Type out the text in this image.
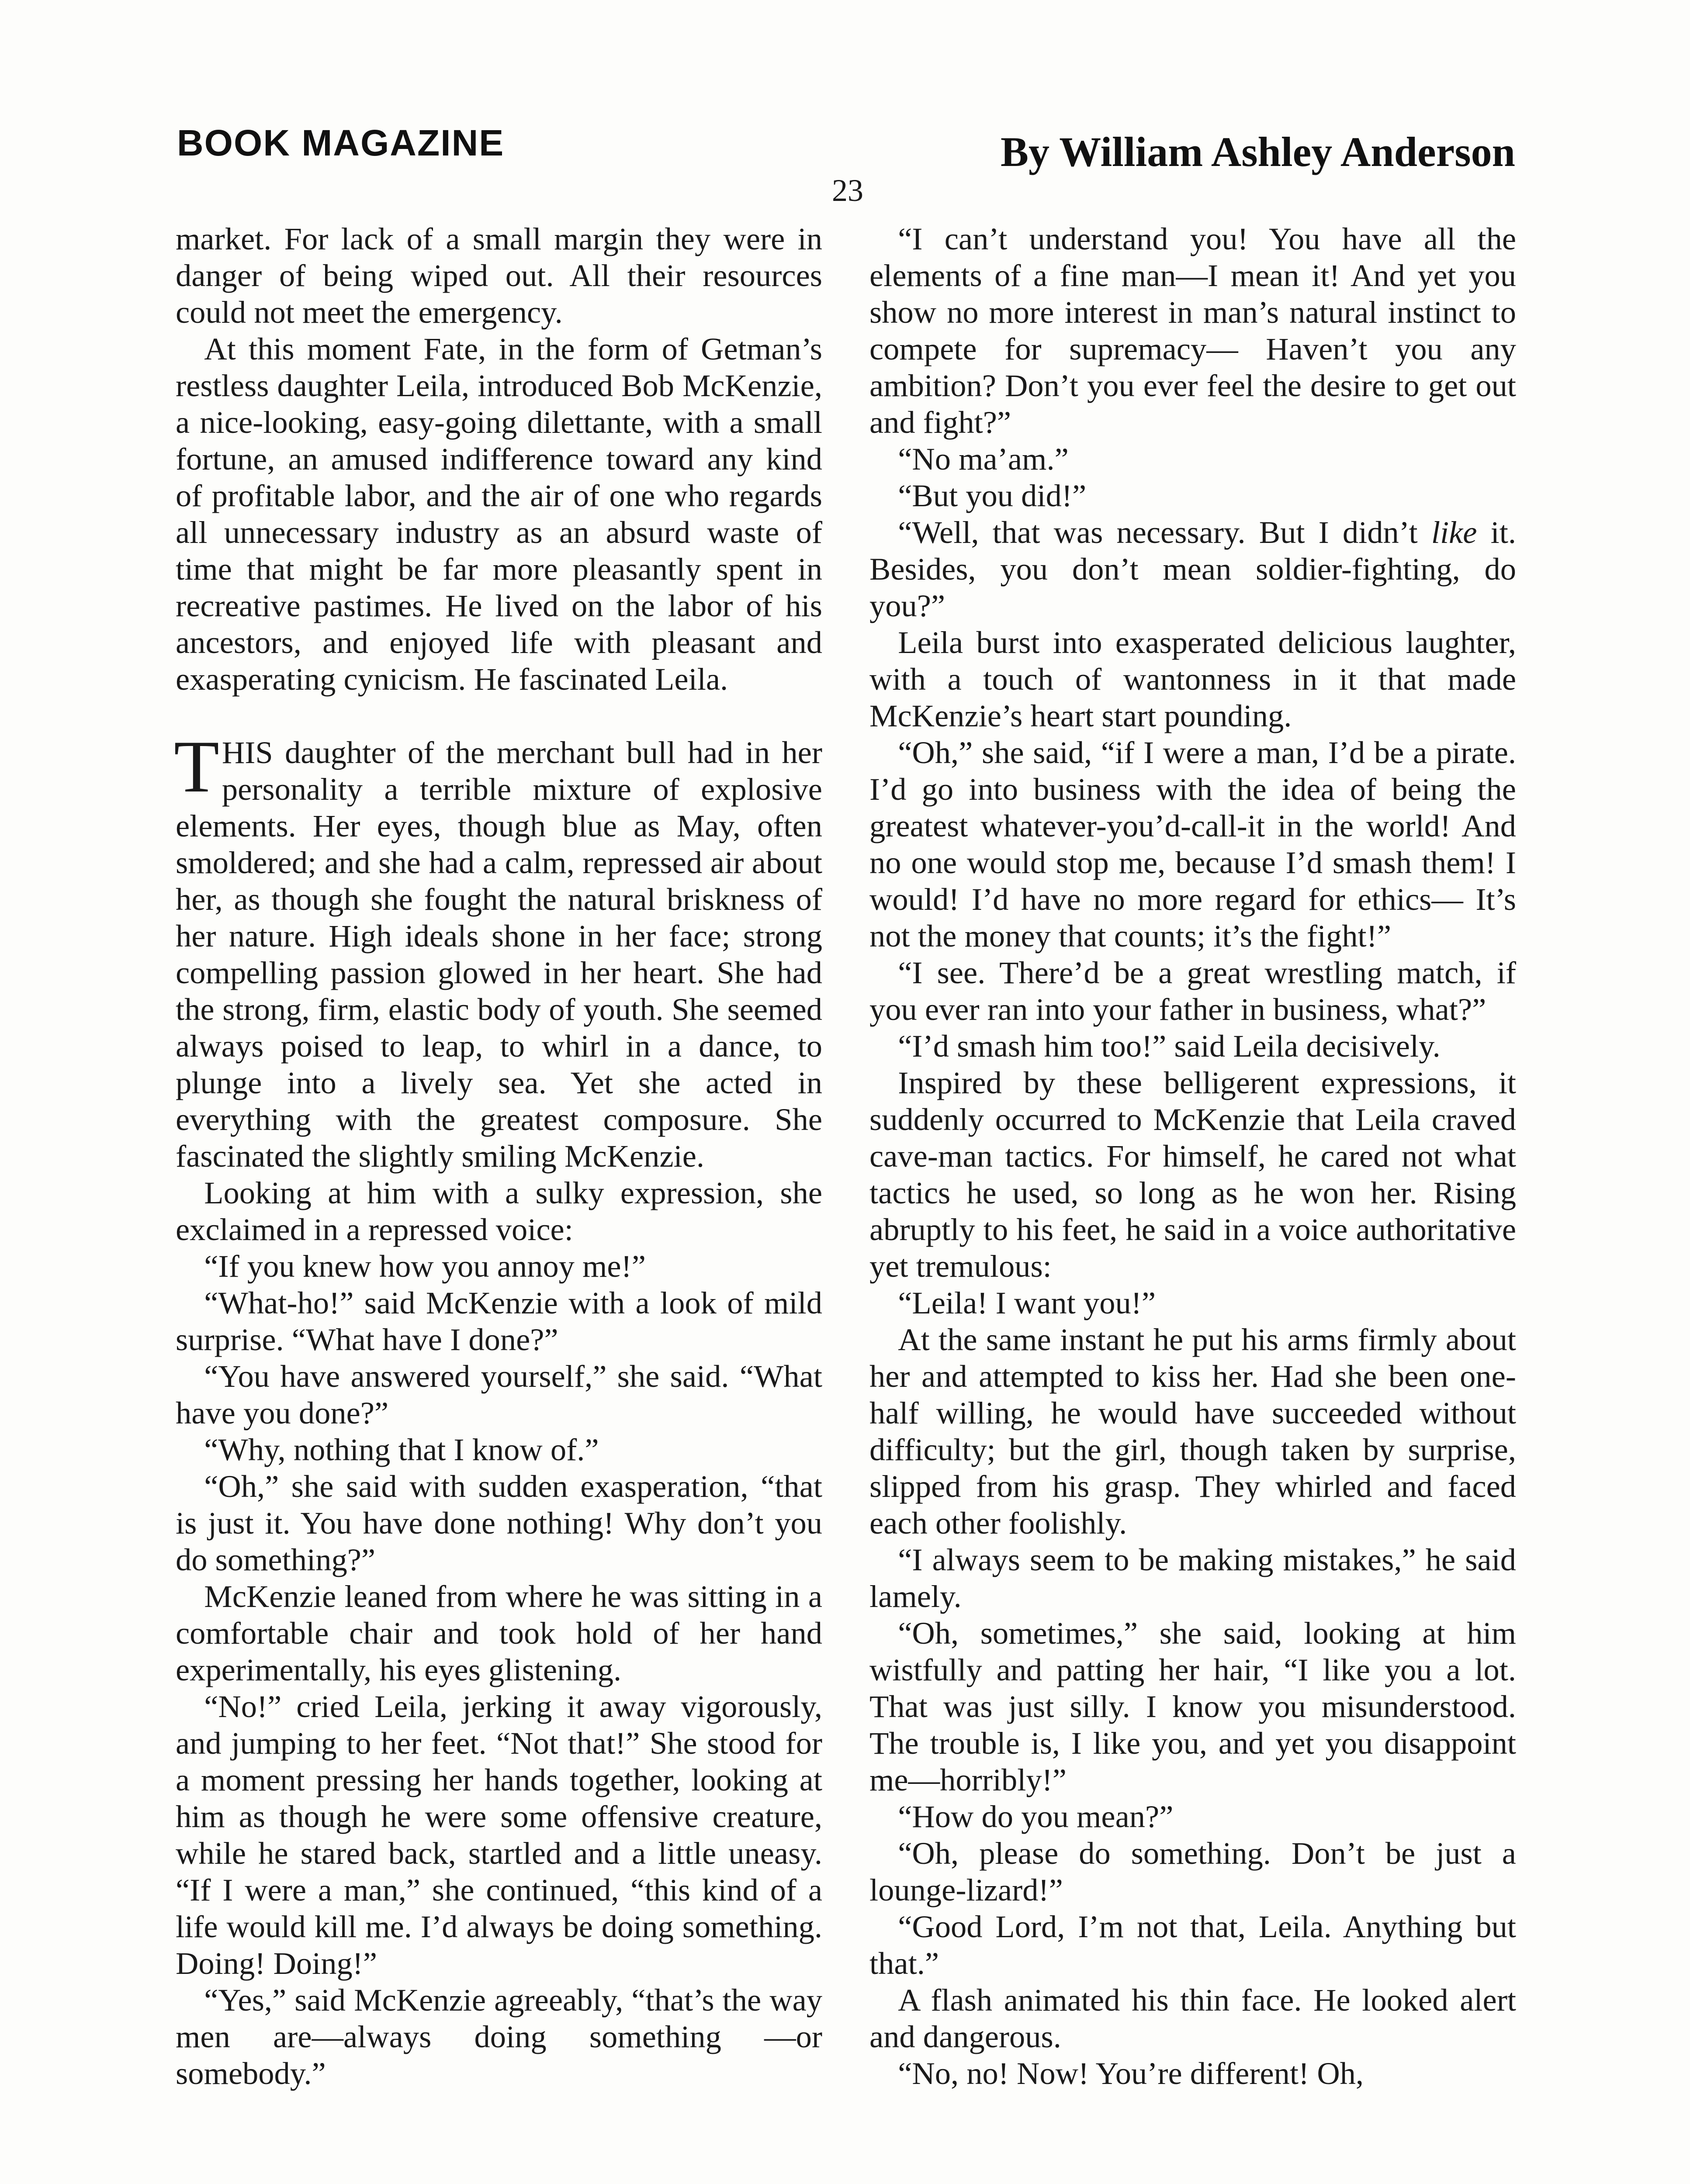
BOOK MAGAZINE	By William Ashley Anderson
23

market. For lack of a small margin they were in danger of being wiped out. All their resources could not meet the emergency.

At this moment Fate, in the form of Getman’s restless daughter Leila, introduced Bob McKenzie, a nice-looking, easy-going dilettante, with a small fortune, an amused indifference toward any kind of profitable labor, and the air of one who regards all unnecessary industry as an absurd waste of time that might be far more pleasantly spent in recreative pastimes. He lived on the labor of his ancestors, and enjoyed life with pleasant and exasperating cynicism. He fascinated Leila.

THIS daughter of the merchant bull had in her personality a terrible mixture of explosive elements. Her eyes, though blue as May, often smoldered; and she had a calm, repressed air about her, as though she fought the natural briskness of her nature. High ideals shone in her face; strong compelling passion glowed in her heart. She had the strong, firm, elastic body of youth. She seemed always poised to leap, to whirl in a dance, to plunge into a lively sea. Yet she acted in everything with the greatest composure. She fascinated the slightly smiling McKenzie.

Looking at him with a sulky expression, she exclaimed in a repressed voice:

“If you knew how you annoy me!”

“What-ho!” said McKenzie with a look of mild surprise. “What have I done?”

“You have answered yourself,” she said. “What have you done?”

“Why, nothing that I know of.”

“Oh,” she said with sudden exasperation, “that is just it. You have done nothing! Why don’t you do something?”

McKenzie leaned from where he was sitting in a comfortable chair and took hold of her hand experimentally, his eyes glistening.

“No!” cried Leila, jerking it away vigorously, and jumping to her feet. “Not that!” She stood for a moment pressing her hands together, looking at him as though he were some offensive creature, while he stared back, startled and a little uneasy. “If I were a man,” she continued, “this kind of a life would kill me. I’d always be doing something. Doing! Doing!”

“Yes,” said McKenzie agreeably, “that’s the way men are—always doing something —or somebody.”

“I can’t understand you! You have all the elements of a fine man—I mean it! And yet you show no more interest in man’s natural instinct to compete for supremacy— Haven’t you any ambition? Don’t you ever feel the desire to get out and fight?”

“No ma’am.”

“But you did!”

“Well, that was necessary. But I didn’t like it. Besides, you don’t mean soldier-fighting, do you?”

Leila burst into exasperated delicious laughter, with a touch of wantonness in it that made McKenzie’s heart start pounding.

“Oh,” she said, “if I were a man, I’d be a pirate. I’d go into business with the idea of being the greatest whatever-you’d-call-it in the world! And no one would stop me, because I’d smash them! I would! I’d have no more regard for ethics— It’s not the money that counts; it’s the fight!”

“I see. There’d be a great wrestling match, if you ever ran into your father in business, what?”

“I’d smash him too!” said Leila decisively.

Inspired by these belligerent expressions, it suddenly occurred to McKenzie that Leila craved cave-man tactics. For himself, he cared not what tactics he used, so long as he won her. Rising abruptly to his feet, he said in a voice authoritative yet tremulous:

“Leila! I want you!”

At the same instant he put his arms firmly about her and attempted to kiss her. Had she been one-half willing, he would have succeeded without difficulty; but the girl, though taken by surprise, slipped from his grasp. They whirled and faced each other foolishly.

“I always seem to be making mistakes,” he said lamely.

“Oh, sometimes,” she said, looking at him wistfully and patting her hair, “I like you a lot. That was just silly. I know you misunderstood. The trouble is, I like you, and yet you disappoint me—horribly!”

“How do you mean?”

“Oh, please do something. Don’t be just a lounge-lizard!”

“Good Lord, I’m not that, Leila. Anything but that.”

A flash animated his thin face. He looked alert and dangerous.

“No, no! Now! You’re different! Oh,
